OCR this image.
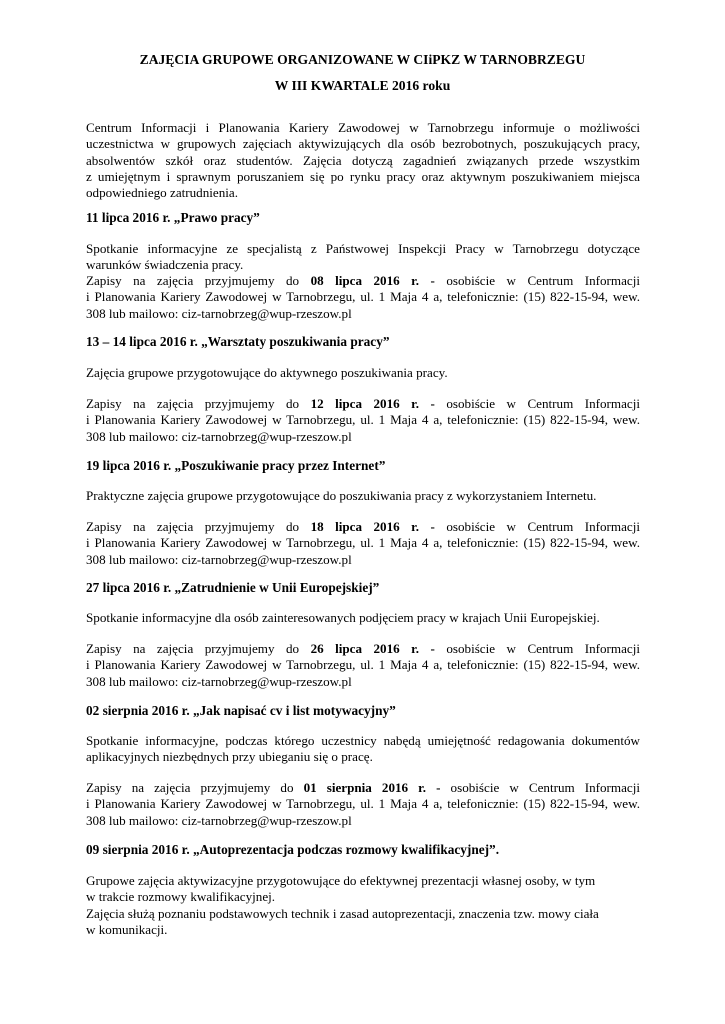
ZAJĘCIA GRUPOWE ORGANIZOWANE W CIiPKZ W TARNOBRZEGU
W III KWARTALE 2016 roku
Centrum Informacji i Planowania Kariery Zawodowej w Tarnobrzegu informuje o możliwości
uczestnictwa w grupowych zajęciach aktywizujących dla osób bezrobotnych, poszukujących pracy,
absolwentów szkół oraz studentów. Zajęcia dotyczą zagadnień związanych przede wszystkim
z umiejętnym i sprawnym poruszaniem się po rynku pracy oraz aktywnym poszukiwaniem miejsca
odpowiedniego zatrudnienia.
11 lipca 2016 r. „Prawo pracy”
Spotkanie informacyjne ze specjalistą z Państwowej Inspekcji Pracy w Tarnobrzegu dotyczące
warunków świadczenia pracy.
Zapisy na zajęcia przyjmujemy do 08 lipca 2016 r. - osobiście w Centrum Informacji
i Planowania Kariery Zawodowej w Tarnobrzegu, ul. 1 Maja 4 a, telefonicznie: (15) 822-15-94, wew.
308 lub mailowo: ciz-tarnobrzeg@wup-rzeszow.pl
13 – 14 lipca 2016 r. „Warsztaty poszukiwania pracy”
Zajęcia grupowe przygotowujące do aktywnego poszukiwania pracy.
Zapisy na zajęcia przyjmujemy do 12 lipca 2016 r. - osobiście w Centrum Informacji
i Planowania Kariery Zawodowej w Tarnobrzegu, ul. 1 Maja 4 a, telefonicznie: (15) 822-15-94, wew.
308 lub mailowo: ciz-tarnobrzeg@wup-rzeszow.pl
19 lipca 2016 r. „Poszukiwanie pracy przez Internet”
Praktyczne zajęcia grupowe przygotowujące do poszukiwania pracy z wykorzystaniem Internetu.
Zapisy na zajęcia przyjmujemy do 18 lipca 2016 r. - osobiście w Centrum Informacji
i Planowania Kariery Zawodowej w Tarnobrzegu, ul. 1 Maja 4 a, telefonicznie: (15) 822-15-94, wew.
308 lub mailowo: ciz-tarnobrzeg@wup-rzeszow.pl
27 lipca 2016 r. „Zatrudnienie w Unii Europejskiej”
Spotkanie informacyjne dla osób zainteresowanych podjęciem pracy w krajach Unii Europejskiej.
Zapisy na zajęcia przyjmujemy do 26 lipca 2016 r. - osobiście w Centrum Informacji
i Planowania Kariery Zawodowej w Tarnobrzegu, ul. 1 Maja 4 a, telefonicznie: (15) 822-15-94, wew.
308 lub mailowo: ciz-tarnobrzeg@wup-rzeszow.pl
02 sierpnia 2016 r. „Jak napisać cv i list motywacyjny”
Spotkanie informacyjne, podczas którego uczestnicy nabędą umiejętność redagowania dokumentów
aplikacyjnych niezbędnych przy ubieganiu się o pracę.
Zapisy na zajęcia przyjmujemy do 01 sierpnia 2016 r. - osobiście w Centrum Informacji
i Planowania Kariery Zawodowej w Tarnobrzegu, ul. 1 Maja 4 a, telefonicznie: (15) 822-15-94, wew.
308 lub mailowo: ciz-tarnobrzeg@wup-rzeszow.pl
09 sierpnia 2016 r. „Autoprezentacja podczas rozmowy kwalifikacyjnej”.
Grupowe zajęcia aktywizacyjne przygotowujące do efektywnej prezentacji własnej osoby, w tym
w trakcie rozmowy kwalifikacyjnej.
Zajęcia służą poznaniu podstawowych technik i zasad autoprezentacji, znaczenia tzw. mowy ciała
w komunikacji.
